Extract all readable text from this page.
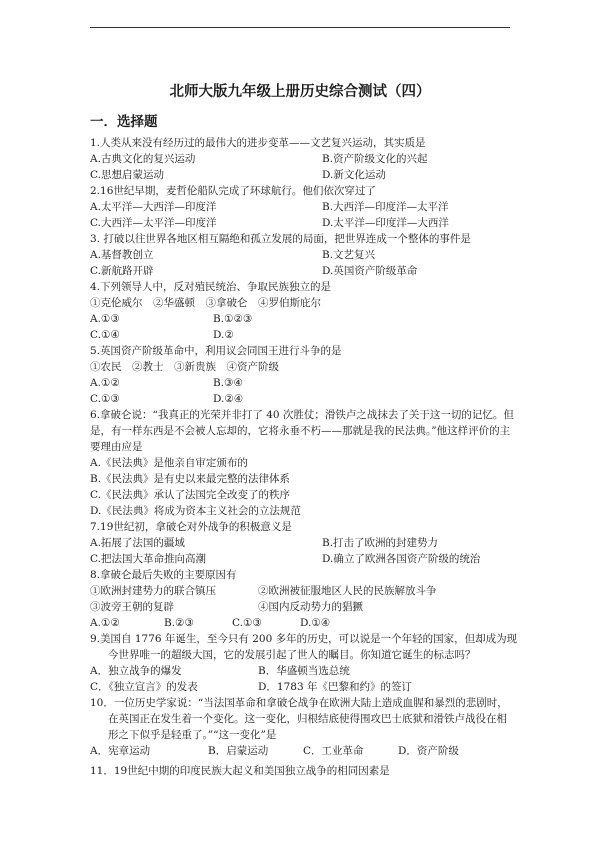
北师大版九年级上册历史综合测试（四）
一．选择题
1.人类从来没有经历过的最伟大的进步变革——文艺复兴运动，其实质是
A.古典文化的复兴运动	B.资产阶级文化的兴起
C.思想启蒙运动	D.新文化运动
2.16世纪早期，麦哲伦船队完成了环球航行。他们依次穿过了
A.太平洋—大西洋—印度洋	B.大西洋—印度洋—太平洋
C.大西洋—太平洋—印度洋	D.太平洋—印度洋—大西洋
3. 打破以往世界各地区相互隔绝和孤立发展的局面，把世界连成一个整体的事件是
A.基督教创立	B.文艺复兴
C.新航路开辟	D.英国资产阶级革命
4.下列领导人中，反对殖民统治、争取民族独立的是
①克伦威尔　②华盛顿　③拿破仑　④罗伯斯庇尔
A.①③	B.①②③
C.①④	D.②
5.英国资产阶级革命中，利用议会同国王进行斗争的是
①农民　②教士　③新贵族　④资产阶级
A.①②	B.③④
C.①③	D.②④
6.拿破仑说：“我真正的光荣并非打了 40 次胜仗；滑铁卢之战抹去了关于这一切的记忆。但
是，有一样东西是不会被人忘却的，它将永垂不朽——那就是我的民法典。”他这样评价的主
要理由应是
A.《民法典》是他亲自审定颁布的
B.《民法典》是有史以来最完整的法律体系
C.《民法典》承认了法国完全改变了的秩序
D.《民法典》将成为资本主义社会的立法规范
7.19世纪初，拿破仑对外战争的积极意义是
A.拓展了法国的疆域	B.打击了欧洲的封建势力
C.把法国大革命推向高潮	D.确立了欧洲各国资产阶级的统治
8.拿破仑最后失败的主要原因有
①欧洲封建势力的联合镇压	②欧洲被征服地区人民的民族解放斗争
③波旁王朝的复辟	④国内反动势力的猖獗
A.①②	B.②③	C.①③	D.①④
9.美国自 1776 年诞生，至今只有 200 多年的历史，可以说是一个年轻的国家，但却成为现
今世界唯一的超级大国，它的发展引起了世人的瞩目。你知道它诞生的标志吗？
A．独立战争的爆发	B．华盛顿当选总统
C．《独立宣言》的发表	D．1783 年《巴黎和约》的签订
10．一位历史学家说：“当法国革命和拿破仑战争在欧洲大陆上造成血腥和暴烈的悲剧时，
在英国正在发生着一个变化。这一变化，归根结底使得围攻巴士底狱和滑铁卢战役在相
形之下似乎是轻重了。”“这一变化”是
A．宪章运动	B．启蒙运动	C．工业革命	D．资产阶级
11．19世纪中期的印度民族大起义和美国独立战争的相同因素是
